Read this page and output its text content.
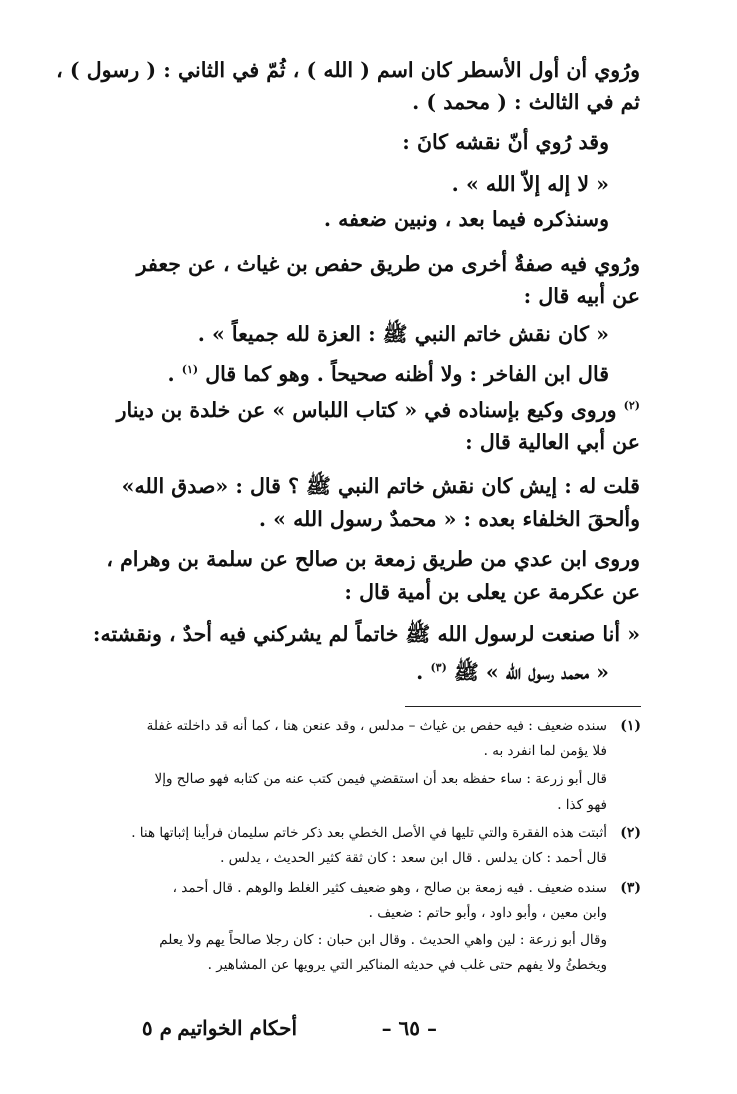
ورُوي أن أول الأسطر كان اسم ( الله ) ، ثُمّ في الثاني : ( رسول ) ،

ثم في الثالث : ( محمد ) .

وقد رُوي أنّ نقشه كانَ :

« لا إله إلاّ الله » .

وسنذكره فيما بعد ، ونبين ضعفه .

ورُوي فيه صفةٌ أخرى من طريق حفص بن غياث ، عن جعفر

عن أبيه قال :

« كان نقش خاتم النبي ﷺ : العزة لله جميعاً » .

قال ابن الفاخر : ولا أظنه صحيحاً . وهو كما قال $^{(١)}$ .

$^{(٢)}$ وروى وكيع بإسناده في « كتاب اللباس » عن خلدة بن دينار

عن أبي العالية قال :

قلت له : إيش كان نقش خاتم النبي ﷺ ؟ قال : «صدق الله»

وألحقَ الخلفاء بعده : « محمدٌ رسول الله » .

وروى ابن عدي من طريق زمعة بن صالح عن سلمة بن وهرام ،

عن عكرمة عن يعلى بن أمية قال :

« أنا صنعت لرسول الله ﷺ خاتماً لم يشركني فيه أحدٌ ، ونقشته:

« محمد رسول الله » ﷺ $^{(٣)}$ .

(١)

سنده ضعيف : فيه حفص بن غياث – مدلس ، وقد عنعن هنا ، كما أنه قد داخلته غفلة

فلا يؤمن لما انفرد به .

قال أبو زرعة : ساء حفظه بعد أن استقضي فيمن كتب عنه من كتابه فهو صالح وإلا

فهو كذا .

(٢)

أثبتت هذه الفقرة والتي تليها في الأصل الخطي بعد ذكر خاتم سليمان فرأينا إثباتها هنا .

قال أحمد : كان يدلس . قال ابن سعد : كان ثقة كثير الحديث ، يدلس .

(٣)

سنده ضعيف . فيه زمعة بن صالح ، وهو ضعيف كثير الغلط والوهم . قال أحمد ،

وابن معين ، وأبو داود ، وأبو حاتم : ضعيف .

وقال أبو زرعة : لين واهي الحديث . وقال ابن حبان : كان رجلا صالحاً يهم ولا يعلم

ويخطئُ ولا يفهم حتى غلب في حديثه المناكير التي يرويها عن المشاهير .

أحكام الخواتيم
م ٥	– ٦٥ –
